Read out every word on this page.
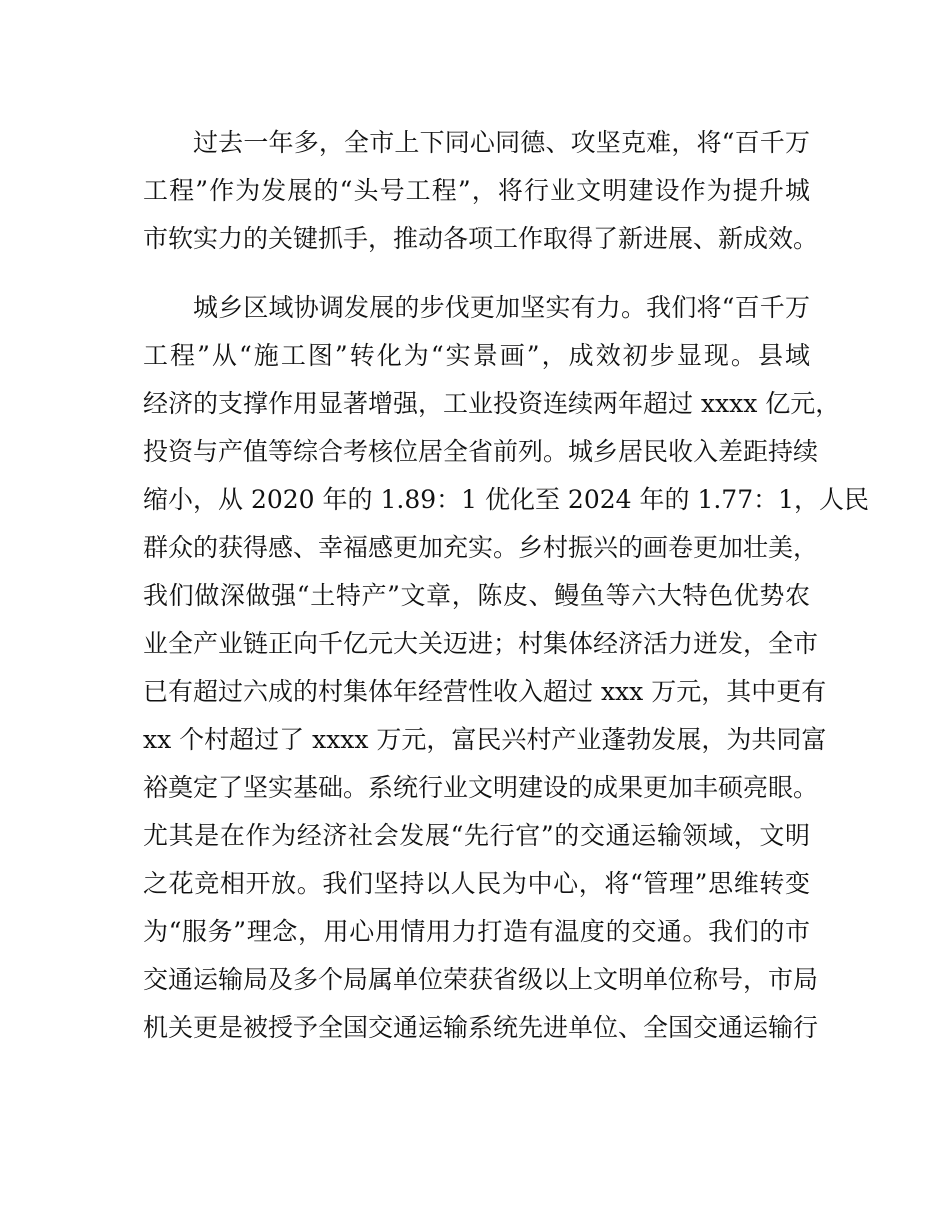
过去一年多，全市上下同心同德、攻坚克难，将“百千万
工程”作为发展的“头号工程”，将行业文明建设作为提升城
市软实力的关键抓手，推动各项工作取得了新进展、新成效。
城乡区域协调发展的步伐更加坚实有力。我们将“百千万
工程”从“施工图”转化为“实景画”，成效初步显现。县域
经济的支撑作用显著增强，工业投资连续两年超过 xxxx 亿元，
投资与产值等综合考核位居全省前列。城乡居民收入差距持续
缩小，从 2020 年的 1.89：1 优化至 2024 年的 1.77：1，人民
群众的获得感、幸福感更加充实。乡村振兴的画卷更加壮美，
我们做深做强“土特产”文章，陈皮、鳗鱼等六大特色优势农
业全产业链正向千亿元大关迈进；村集体经济活力迸发，全市
已有超过六成的村集体年经营性收入超过 xxx 万元，其中更有
xx 个村超过了 xxxx 万元，富民兴村产业蓬勃发展，为共同富
裕奠定了坚实基础。系统行业文明建设的成果更加丰硕亮眼。
尤其是在作为经济社会发展“先行官”的交通运输领域，文明
之花竞相开放。我们坚持以人民为中心，将“管理”思维转变
为“服务”理念，用心用情用力打造有温度的交通。我们的市
交通运输局及多个局属单位荣获省级以上文明单位称号，市局
机关更是被授予全国交通运输系统先进单位、全国交通运输行
